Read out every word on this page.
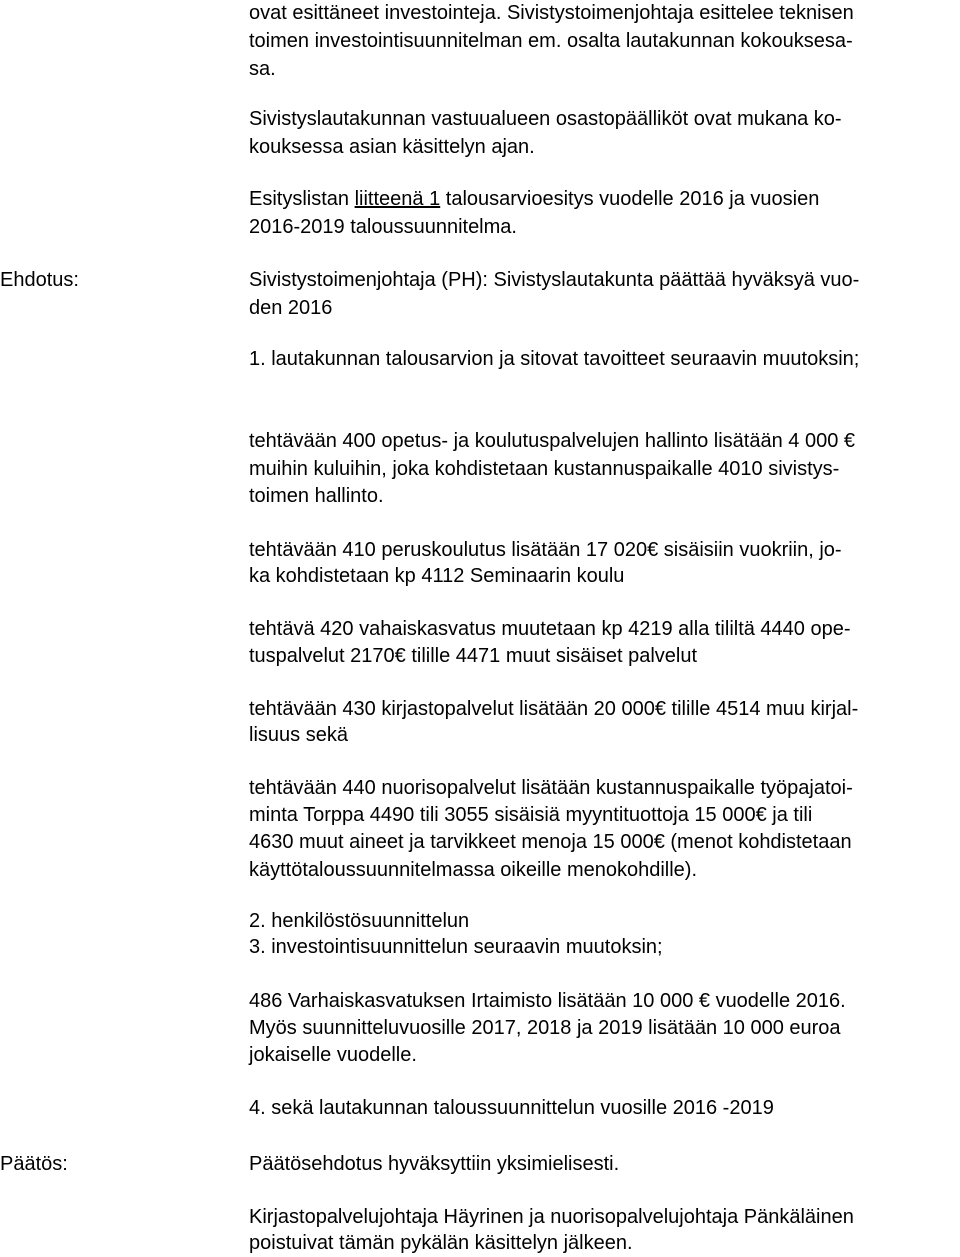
ovat esittäneet investointeja. Sivistystoimenjohtaja esittelee teknisen
toimen investointisuunnitelman em. osalta lautakunnan kokouksesa-
sa.
Sivistyslautakunnan vastuualueen osastopäälliköt ovat mukana ko-
kouksessa asian käsittelyn ajan.
Esityslistan liitteenä 1 talousarvioesitys vuodelle 2016 ja vuosien
2016-2019 taloussuunnitelma.
Ehdotus:	Sivistystoimenjohtaja (PH): Sivistyslautakunta päättää hyväksyä vuo-
den 2016
1. lautakunnan talousarvion ja sitovat tavoitteet seuraavin muutoksin;
tehtävään 400 opetus- ja koulutuspalvelujen hallinto lisätään 4 000 €
muihin kuluihin, joka kohdistetaan kustannuspaikalle 4010 sivistys-
toimen hallinto.
tehtävään 410 peruskoulutus lisätään 17 020€ sisäisiin vuokriin, jo-
ka kohdistetaan kp 4112 Seminaarin koulu
tehtävä 420 vahaiskasvatus muutetaan kp 4219 alla tililtä 4440 ope-
tuspalvelut 2170€ tilille 4471 muut sisäiset palvelut
tehtävään 430 kirjastopalvelut lisätään 20 000€ tilille 4514 muu kirjal-
lisuus sekä
tehtävään 440 nuorisopalvelut lisätään kustannuspaikalle työpajatoi-
minta Torppa 4490 tili 3055 sisäisiä myyntituottoja 15 000€ ja tili
4630 muut aineet ja tarvikkeet menoja 15 000€ (menot kohdistetaan
käyttötaloussuunnitelmassa oikeille menokohdille).
2. henkilöstösuunnittelun
3. investointisuunnittelun seuraavin muutoksin;
486 Varhaiskasvatuksen Irtaimisto lisätään 10 000 € vuodelle 2016.
Myös suunnitteluvuosille 2017, 2018 ja 2019 lisätään 10 000 euroa
jokaiselle vuodelle.
4. sekä lautakunnan taloussuunnittelun vuosille 2016 -2019
Päätös:	Päätösehdotus hyväksyttiin yksimielisesti.
Kirjastopalvelujohtaja Häyrinen ja nuorisopalvelujohtaja Pänkäläinen
poistuivat tämän pykälän käsittelyn jälkeen.
